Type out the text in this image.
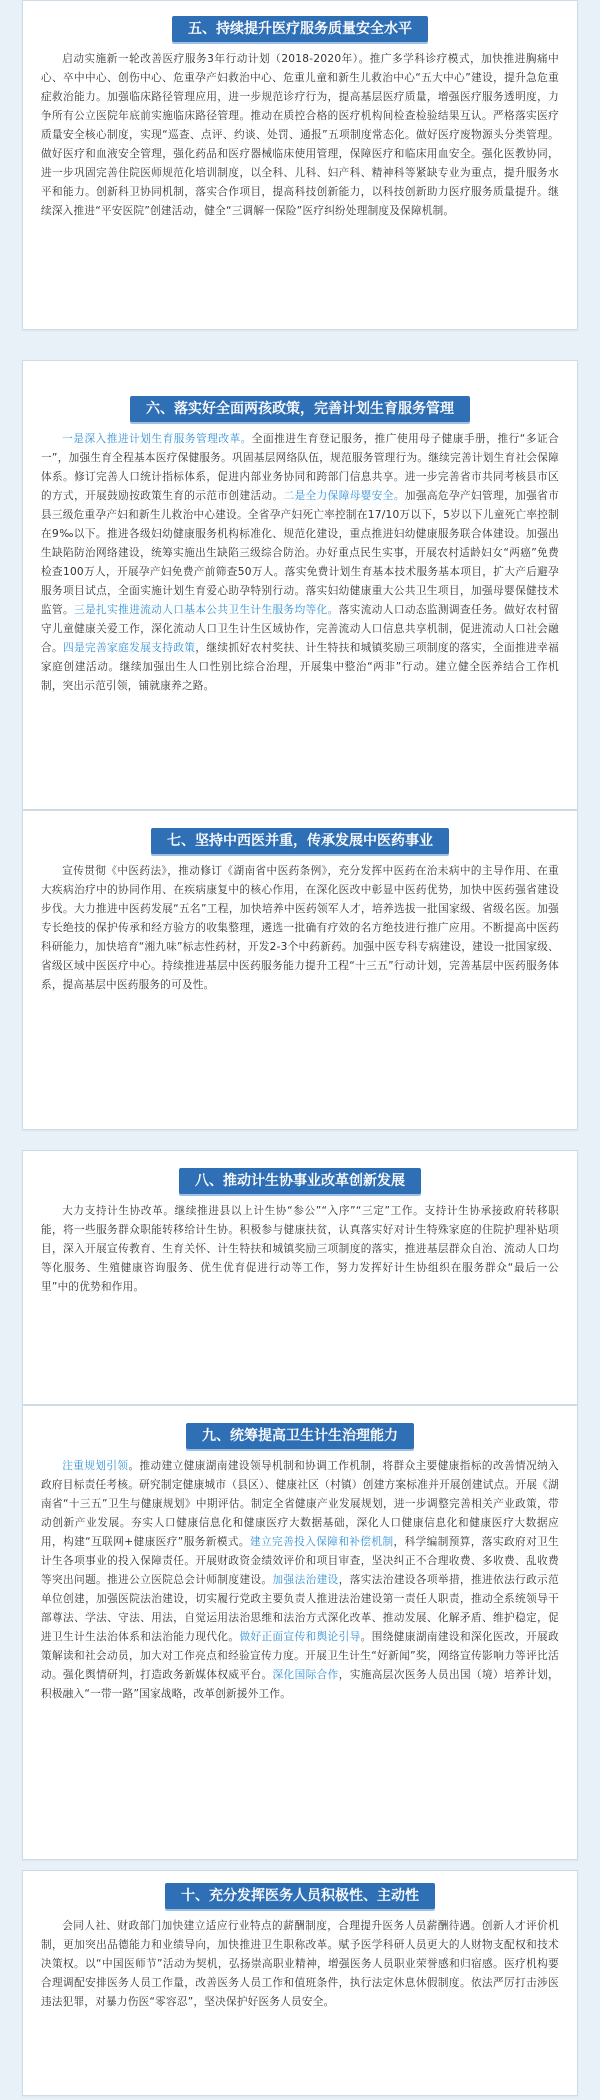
五、持续提升医疗服务质量安全水平

启动实施新一轮改善医疗服务3年行动计划（2018-2020年）。推广多学科诊疗模式，加快推进胸痛中心、卒中中心、创伤中心、危重孕产妇救治中心、危重儿童和新生儿救治中心“五大中心”建设，提升急危重症救治能力。加强临床路径管理应用，进一步规范诊疗行为，提高基层医疗质量，增强医疗服务透明度，力争所有公立医院年底前实施临床路径管理。推动在质控合格的医疗机构间检查检验结果互认。严格落实医疗质量安全核心制度，实现“巡查、点评、约谈、处罚、通报”五项制度常态化。做好医疗废物源头分类管理。做好医疗和血液安全管理，强化药品和医疗器械临床使用管理，保障医疗和临床用血安全。强化医教协同，进一步巩固完善住院医师规范化培训制度，以全科、儿科、妇产科、精神科等紧缺专业为重点，提升服务水平和能力。创新科卫协同机制，落实合作项目，提高科技创新能力，以科技创新助力医疗服务质量提升。继续深入推进“平安医院”创建活动，健全“三调解一保险”医疗纠纷处理制度及保障机制。

六、落实好全面两孩政策，完善计划生育服务管理

一是深入推进计划生育服务管理改革。全面推进生育登记服务，推广使用母子健康手册，推行“多证合一”，加强生育全程基本医疗保健服务。巩固基层网络队伍，规范服务管理行为。继续完善计划生育社会保障体系。修订完善人口统计指标体系，促进内部业务协同和跨部门信息共享。进一步完善省市共同考核县市区的方式，开展鼓励按政策生育的示范市创建活动。二是全力保障母婴安全。加强高危孕产妇管理，加强省市县三级危重孕产妇和新生儿救治中心建设。全省孕产妇死亡率控制在17/10万以下，5岁以下儿童死亡率控制在9‰以下。推进各级妇幼健康服务机构标准化、规范化建设，重点推进妇幼健康服务联合体建设。加强出生缺陷防治网络建设，统筹实施出生缺陷三级综合防治。办好重点民生实事，开展农村适龄妇女“两癌”免费检查100万人，开展孕产妇免费产前筛查50万人。落实免费计划生育基本技术服务基本项目，扩大产后避孕服务项目试点，全面实施计划生育爱心助孕特别行动。落实妇幼健康重大公共卫生项目，加强母婴保健技术监管。三是扎实推进流动人口基本公共卫生计生服务均等化。落实流动人口动态监测调查任务。做好农村留守儿童健康关爱工作，深化流动人口卫生计生区域协作，完善流动人口信息共享机制，促进流动人口社会融合。四是完善家庭发展支持政策，继续抓好农村奖扶、计生特扶和城镇奖励三项制度的落实，全面推进幸福家庭创建活动。继续加强出生人口性别比综合治理，开展集中整治“两非”行动。建立健全医养结合工作机制，突出示范引领，铺就康养之路。

七、坚持中西医并重，传承发展中医药事业

宣传贯彻《中医药法》，推动修订《湖南省中医药条例》，充分发挥中医药在治未病中的主导作用、在重大疾病治疗中的协同作用、在疾病康复中的核心作用，在深化医改中彰显中医药优势，加快中医药强省建设步伐。大力推进中医药发展“五名”工程，加快培养中医药领军人才，培养选拔一批国家级、省级名医。加强专长绝技的保护传承和经方验方的收集整理，遴选一批确有疗效的名方绝技进行推广应用。不断提高中医药科研能力，加快培育“湘九味”标志性药材，开发2-3个中药新药。加强中医专科专病建设，建设一批国家级、省级区域中医医疗中心。持续推进基层中医药服务能力提升工程“十三五”行动计划，完善基层中医药服务体系，提高基层中医药服务的可及性。

八、推动计生协事业改革创新发展

大力支持计生协改革。继续推进县以上计生协“参公”“入序”“三定”工作。支持计生协承接政府转移职能，将一些服务群众职能转移给计生协。积极参与健康扶贫，认真落实好对计生特殊家庭的住院护理补贴项目，深入开展宣传教育、生育关怀、计生特扶和城镇奖励三项制度的落实，推进基层群众自治、流动人口均等化服务、生殖健康咨询服务、优生优育促进行动等工作，努力发挥好计生协组织在服务群众“最后一公里”中的优势和作用。

九、统筹提高卫生计生治理能力

注重规划引领。推动建立健康湖南建设领导机制和协调工作机制，将群众主要健康指标的改善情况纳入政府目标责任考核。研究制定健康城市（县区）、健康社区（村镇）创建方案标准并开展创建试点。开展《湖南省“十三五”卫生与健康规划》中期评估。制定全省健康产业发展规划，进一步调整完善相关产业政策，带动创新产业发展。夯实人口健康信息化和健康医疗大数据基础，深化人口健康信息化和健康医疗大数据应用，构建“互联网+健康医疗”服务新模式。建立完善投入保障和补偿机制，科学编制预算，落实政府对卫生计生各项事业的投入保障责任。开展财政资金绩效评价和项目审查，坚决纠正不合理收费、多收费、乱收费等突出问题。推进公立医院总会计师制度建设。加强法治建设，落实法治建设各项举措，推进依法行政示范单位创建，加强医院法治建设，切实履行党政主要负责人推进法治建设第一责任人职责，推动全系统领导干部尊法、学法、守法、用法，自觉运用法治思维和法治方式深化改革、推动发展、化解矛盾、维护稳定，促进卫生计生法治体系和法治能力现代化。做好正面宣传和舆论引导。围绕健康湖南建设和深化医改，开展政策解读和社会动员，加大对工作亮点和经验宣传力度。开展卫生计生“好新闻”奖，网络宣传影响力等评比活动。强化舆情研判，打造政务新媒体权威平台。深化国际合作，实施高层次医务人员出国（境）培养计划，积极融入“一带一路”国家战略，改革创新援外工作。

十、充分发挥医务人员积极性、主动性

会同人社、财政部门加快建立适应行业特点的薪酬制度，合理提升医务人员薪酬待遇。创新人才评价机制，更加突出品德能力和业绩导向，加快推进卫生职称改革。赋予医学科研人员更大的人财物支配权和技术决策权。以“中国医师节”活动为契机，弘扬崇高职业精神，增强医务人员职业荣誉感和归宿感。医疗机构要合理调配安排医务人员工作量，改善医务人员工作和值班条件，执行法定休息休假制度。依法严厉打击涉医违法犯罪，对暴力伤医“零容忍”，坚决保护好医务人员安全。
